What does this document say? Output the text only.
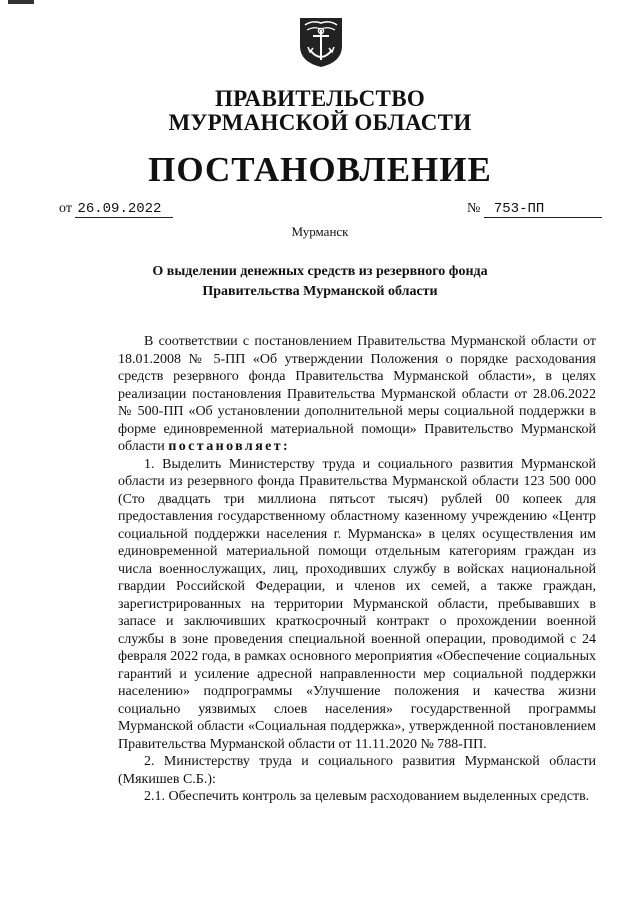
ПРАВИТЕЛЬСТВО
МУРМАНСКОЙ ОБЛАСТИ
ПОСТАНОВЛЕНИЕ
от 26.09.2022	№ 753-ПП
Мурманск
О выделении денежных средств из резервного фонда
Правительства Мурманской области

В соответствии с постановлением Правительства Мурманской области от 18.01.2008 № 5-ПП «Об утверждении Положения о порядке расходования средств резервного фонда Правительства Мурманской области», в целях реализации постановления Правительства Мурманской области от 28.06.2022 № 500-ПП «Об установлении дополнительной меры социальной поддержки в форме единовременной материальной помощи» Правительство Мурманской области постановляет:

1. Выделить Министерству труда и социального развития Мурманской области из резервного фонда Правительства Мурманской области 123 500 000 (Сто двадцать три миллиона пятьсот тысяч) рублей 00 копеек для предоставления государственному областному казенному учреждению «Центр социальной поддержки населения г. Мурманска» в целях осуществления им единовременной материальной помощи отдельным категориям граждан из числа военнослужащих, лиц, проходивших службу в войсках национальной гвардии Российской Федерации, и членов их семей, а также граждан, зарегистрированных на территории Мурманской области, пребывавших в запасе и заключивших краткосрочный контракт о прохождении военной службы в зоне проведения специальной военной операции, проводимой с 24 февраля 2022 года, в рамках основного мероприятия «Обеспечение социальных гарантий и усиление адресной направленности мер социальной поддержки населению» подпрограммы «Улучшение положения и качества жизни социально уязвимых слоев населения» государственной программы Мурманской области «Социальная поддержка», утвержденной постановлением Правительства Мурманской области от 11.11.2020 № 788-ПП.

2. Министерству труда и социального развития Мурманской области (Мякишев С.Б.):

2.1. Обеспечить контроль за целевым расходованием выделенных средств.
